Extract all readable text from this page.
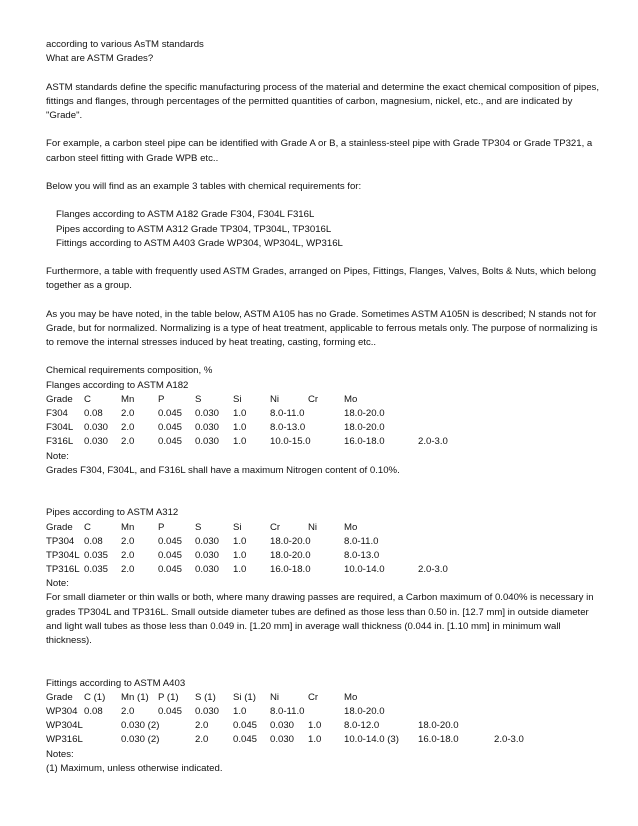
according to various AsTM standards
What are ASTM Grades?
ASTM standards define the specific manufacturing process of the material and determine the exact chemical composition of pipes, fittings and flanges, through percentages of the permitted quantities of carbon, magnesium, nickel, etc., and are indicated by "Grade".
For example, a carbon steel pipe can be identified with Grade A or B, a stainless-steel pipe with Grade TP304 or Grade TP321, a carbon steel fitting with Grade WPB etc..
Below you will find as an example 3 tables with chemical requirements for:
Flanges according to ASTM A182 Grade F304, F304L F316L
Pipes according to ASTM A312 Grade TP304, TP304L, TP3016L
Fittings according to ASTM A403 Grade WP304, WP304L, WP316L
Furthermore, a table with frequently used ASTM Grades, arranged on Pipes, Fittings, Flanges, Valves, Bolts & Nuts, which belong together as a group.
As you may be have noted, in the table below, ASTM A105 has no Grade. Sometimes ASTM A105N is described; N stands not for Grade, but for normalized. Normalizing is a type of heat treatment, applicable to ferrous metals only. The purpose of normalizing is to remove the internal stresses induced by heat treating, casting, forming etc..
Chemical requirements composition, %
Flanges according to ASTM A182
Grade C	Mn P	S	Si	Ni	Cr	Mo
F304 0.08 2.0 0.045 0.030 1.0 8.0-11.0	18.0-20.0
F304L 0.030 2.0 0.045 0.030 1.0 8.0-13.0	18.0-20.0
F316L 0.030 2.0 0.045 0.030 1.0 10.0-15.0	16.0-18.0	2.0-3.0
Note:
Grades F304, F304L, and F316L shall have a maximum Nitrogen content of 0.10%.
Pipes according to ASTM A312
Grade C	Mn P	S	Si	Cr	Ni	Mo
TP304 0.08 2.0 0.045 0.030 1.0 18.0-20.0	8.0-11.0
TP304L 0.035 2.0 0.045 0.030 1.0 18.0-20.0	8.0-13.0
TP316L 0.035 2.0 0.045 0.030 1.0 16.0-18.0	10.0-14.0	2.0-3.0
Note:
For small diameter or thin walls or both, where many drawing passes are required, a Carbon maximum of 0.040% is necessary in grades TP304L and TP316L. Small outside diameter tubes are defined as those less than 0.50 in. [12.7 mm] in outside diameter and light wall tubes as those less than 0.049 in. [1.20 mm] in average wall thickness (0.044 in. [1.10 mm] in minimum wall thickness).
Fittings according to ASTM A403
Grade C (1) Mn (1) P (1) S (1) Si (1) Ni	Cr	Mo
WP304 0.08 2.0 0.045 0.030 1.0 8.0-11.0	18.0-20.0
WP304L	0.030 (2)	2.0	0.045 0.030 1.0 8.0-12.0	18.0-20.0
WP316L	0.030 (2)	2.0	0.045 0.030 1.0 10.0-14.0 (3) 16.0-18.0	2.0-3.0
Notes:
(1) Maximum, unless otherwise indicated.
